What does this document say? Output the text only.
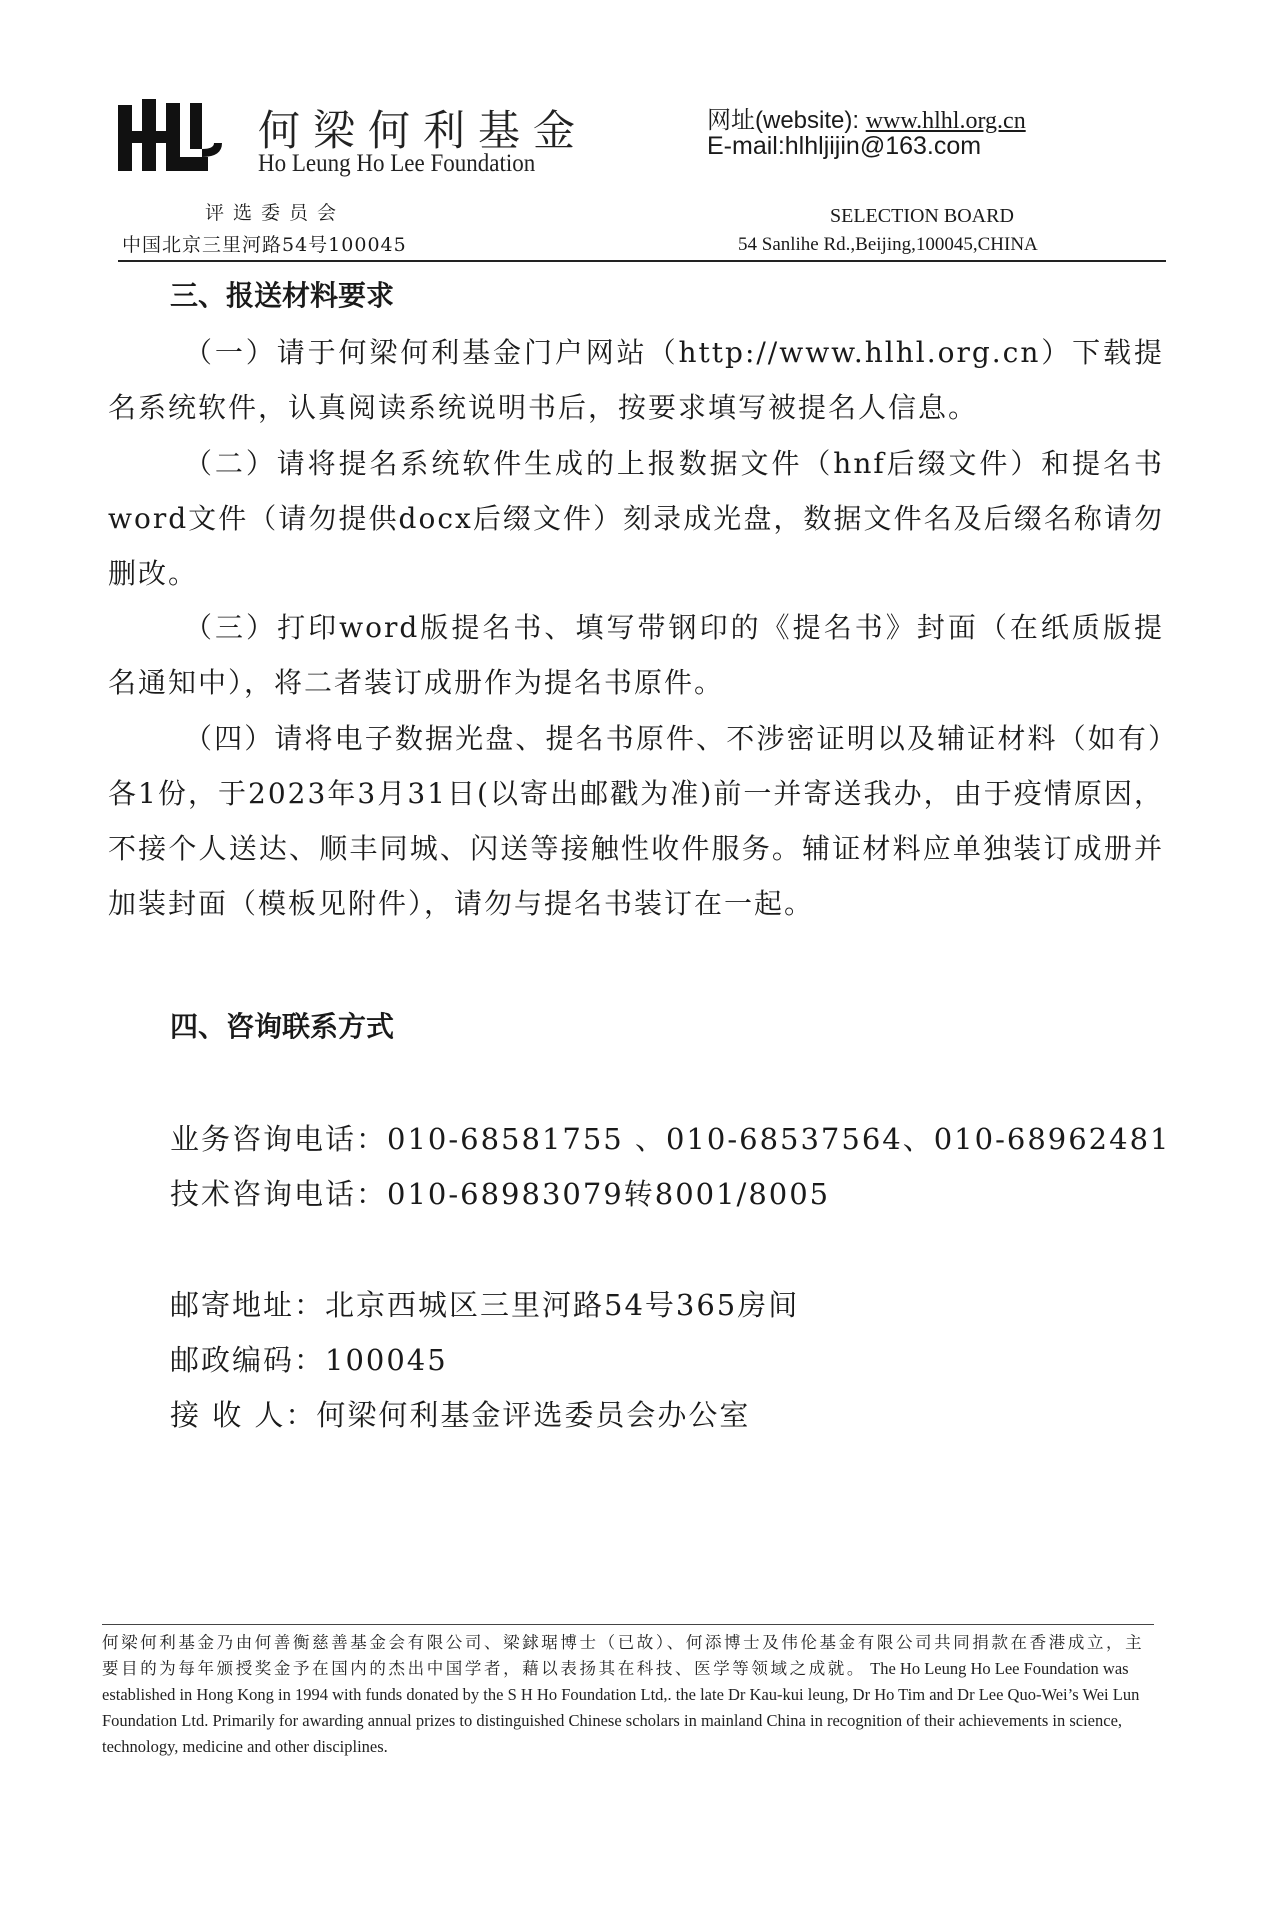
何梁何利基金
Ho Leung Ho Lee Foundation
网址(website): www.hlhl.org.cn
E-mail:hlhljijin@163.com
评选委员会	SELECTION BOARD
中国北京三里河路54号100045	54 Sanlihe Rd.,Beijing,100045,CHINA
三、报送材料要求
（一）请于何梁何利基金门户网站（http://www.hlhl.org.cn）下载提名系统软件，认真阅读系统说明书后，按要求填写被提名人信息。
（二）请将提名系统软件生成的上报数据文件（hnf后缀文件）和提名书word文件（请勿提供docx后缀文件）刻录成光盘，数据文件名及后缀名称请勿删改。
（三）打印word版提名书、填写带钢印的《提名书》封面（在纸质版提名通知中），将二者装订成册作为提名书原件。
（四）请将电子数据光盘、提名书原件、不涉密证明以及辅证材料（如有）各1份，于2023年3月31日(以寄出邮戳为准)前一并寄送我办，由于疫情原因，不接个人送达、顺丰同城、闪送等接触性收件服务。辅证材料应单独装订成册并加装封面（模板见附件），请勿与提名书装订在一起。
四、咨询联系方式
业务咨询电话：010-68581755 、010-68537564、010-68962481
技术咨询电话：010-68983079转8001/8005
邮寄地址：北京西城区三里河路54号365房间
邮政编码：100045
接 收 人：何梁何利基金评选委员会办公室
何梁何利基金乃由何善衡慈善基金会有限公司、梁銶琚博士（已故）、何添博士及伟伦基金有限公司共同捐款在香港成立，主要目的为每年颁授奖金予在国内的杰出中国学者，藉以表扬其在科技、医学等领域之成就。 The Ho Leung Ho Lee Foundation was established in Hong Kong in 1994 with funds donated by the S H Ho Foundation Ltd,. the late Dr Kau-kui leung, Dr Ho Tim and Dr Lee Quo-Wei’s Wei Lun Foundation Ltd. Primarily for awarding annual prizes to distinguished Chinese scholars in mainland China in recognition of their achievements in science, technology, medicine and other disciplines.
